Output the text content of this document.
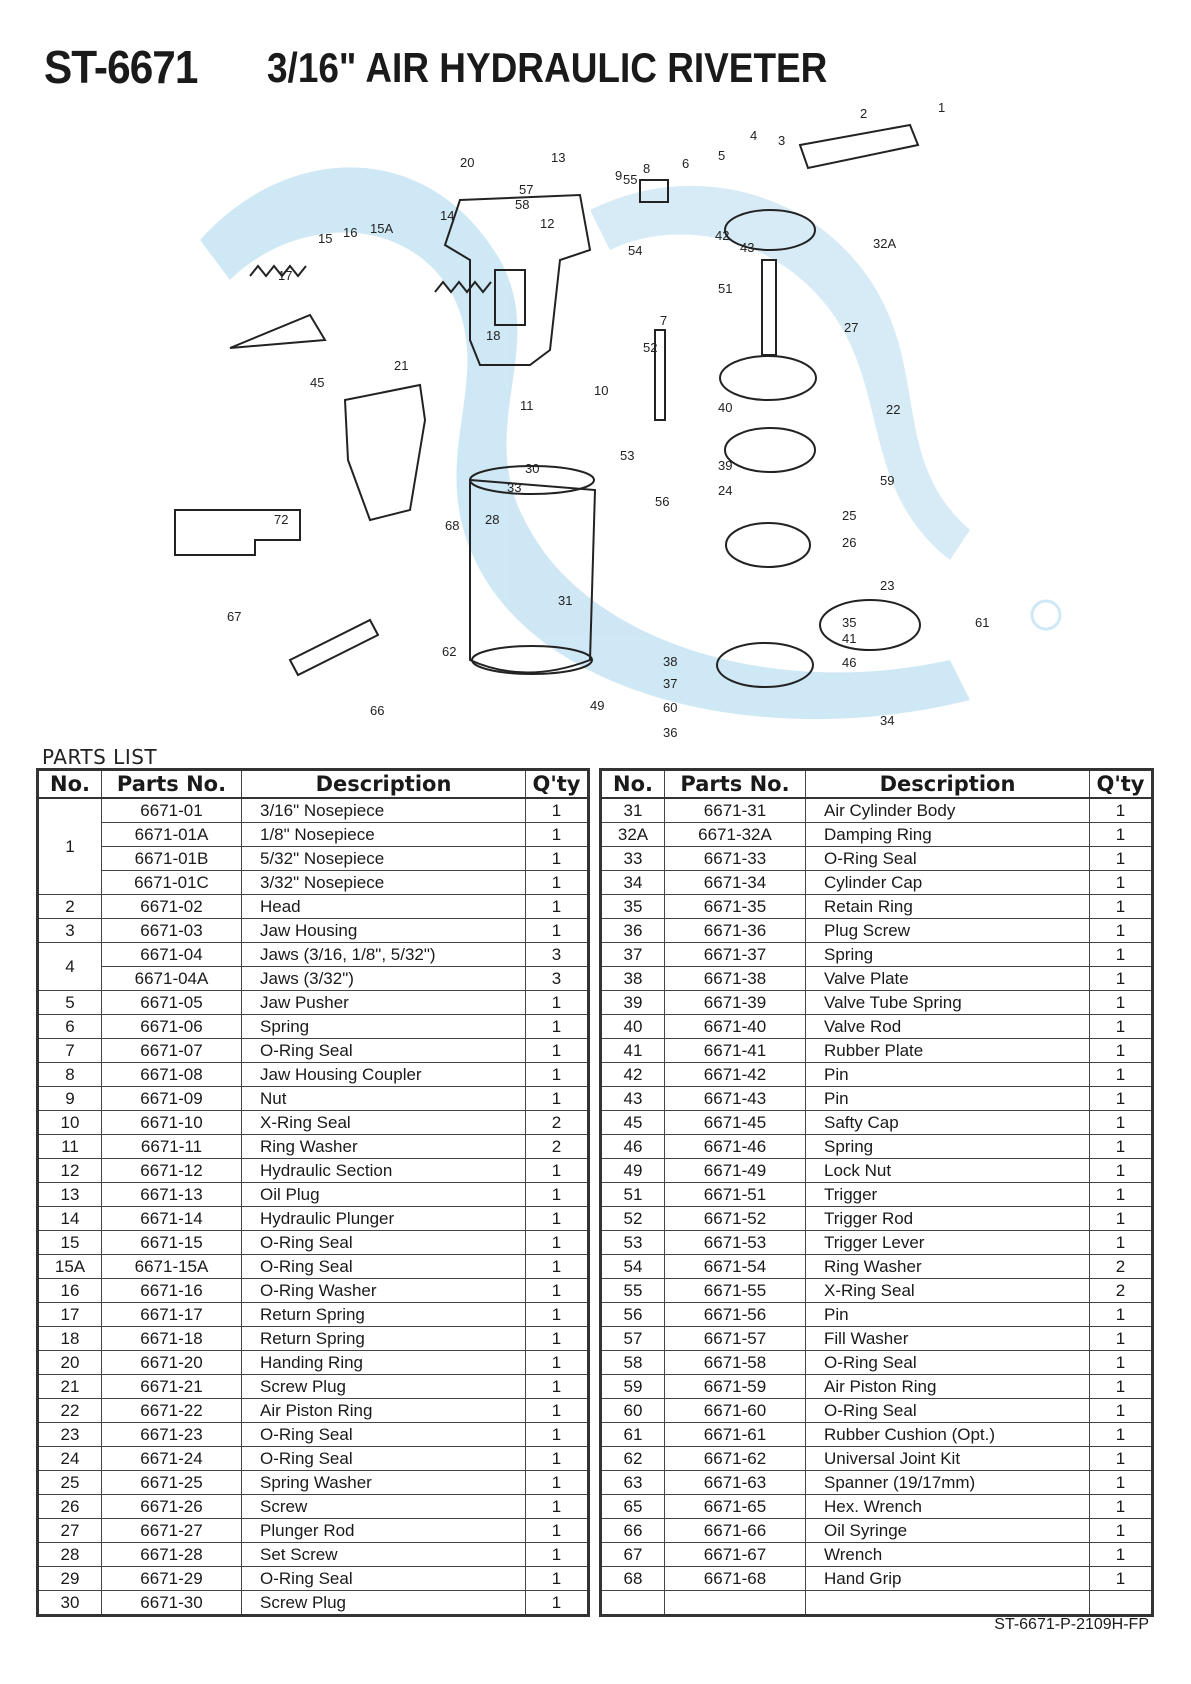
ST-6671 3/16" AIR HYDRAULIC RIVETER
1
2
3
4
5
6
7
8
9
10
11
12
13
14
15
15A
16
17
18
20
21
22
23
24
25
26
27
28
30
31
32A
33
34
35
36
37
38
39
40
41
42
43
45
46
49
51
52
53
54
55
56
57
58
59
60
61
62
66
67
68
72
PARTS LIST
No.	Parts No.	Description	Q'ty
1	6671-01	3/16" Nosepiece	1
	6671-01A	1/8" Nosepiece	1
	6671-01B	5/32" Nosepiece	1
	6671-01C	3/32" Nosepiece	1
2	6671-02	Head	1
3	6671-03	Jaw Housing	1
4	6671-04	Jaws (3/16, 1/8", 5/32")	3
	6671-04A	Jaws (3/32")	3
5	6671-05	Jaw Pusher	1
6	6671-06	Spring	1
7	6671-07	O-Ring Seal	1
8	6671-08	Jaw Housing Coupler	1
9	6671-09	Nut	1
10	6671-10	X-Ring Seal	2
11	6671-11	Ring Washer	2
12	6671-12	Hydraulic Section	1
13	6671-13	Oil Plug	1
14	6671-14	Hydraulic Plunger	1
15	6671-15	O-Ring Seal	1
15A	6671-15A	O-Ring Seal	1
16	6671-16	O-Ring Washer	1
17	6671-17	Return Spring	1
18	6671-18	Return Spring	1
20	6671-20	Handing Ring	1
21	6671-21	Screw Plug	1
22	6671-22	Air Piston Ring	1
23	6671-23	O-Ring Seal	1
24	6671-24	O-Ring Seal	1
25	6671-25	Spring Washer	1
26	6671-26	Screw	1
27	6671-27	Plunger Rod	1
28	6671-28	Set Screw	1
29	6671-29	O-Ring Seal	1
30	6671-30	Screw Plug	1
No.	Parts No.	Description	Q'ty
31	6671-31	Air Cylinder Body	1
32A	6671-32A	Damping Ring	1
33	6671-33	O-Ring Seal	1
34	6671-34	Cylinder Cap	1
35	6671-35	Retain Ring	1
36	6671-36	Plug Screw	1
37	6671-37	Spring	1
38	6671-38	Valve Plate	1
39	6671-39	Valve Tube Spring	1
40	6671-40	Valve Rod	1
41	6671-41	Rubber Plate	1
42	6671-42	Pin	1
43	6671-43	Pin	1
45	6671-45	Safty Cap	1
46	6671-46	Spring	1
49	6671-49	Lock Nut	1
51	6671-51	Trigger	1
52	6671-52	Trigger Rod	1
53	6671-53	Trigger Lever	1
54	6671-54	Ring Washer	2
55	6671-55	X-Ring Seal	2
56	6671-56	Pin	1
57	6671-57	Fill Washer	1
58	6671-58	O-Ring Seal	1
59	6671-59	Air Piston Ring	1
60	6671-60	O-Ring Seal	1
61	6671-61	Rubber Cushion (Opt.)	1
62	6671-62	Universal Joint Kit	1
63	6671-63	Spanner (19/17mm)	1
65	6671-65	Hex. Wrench	1
66	6671-66	Oil Syringe	1
67	6671-67	Wrench	1
68	6671-68	Hand Grip	1

ST-6671-P-2109H-FP
